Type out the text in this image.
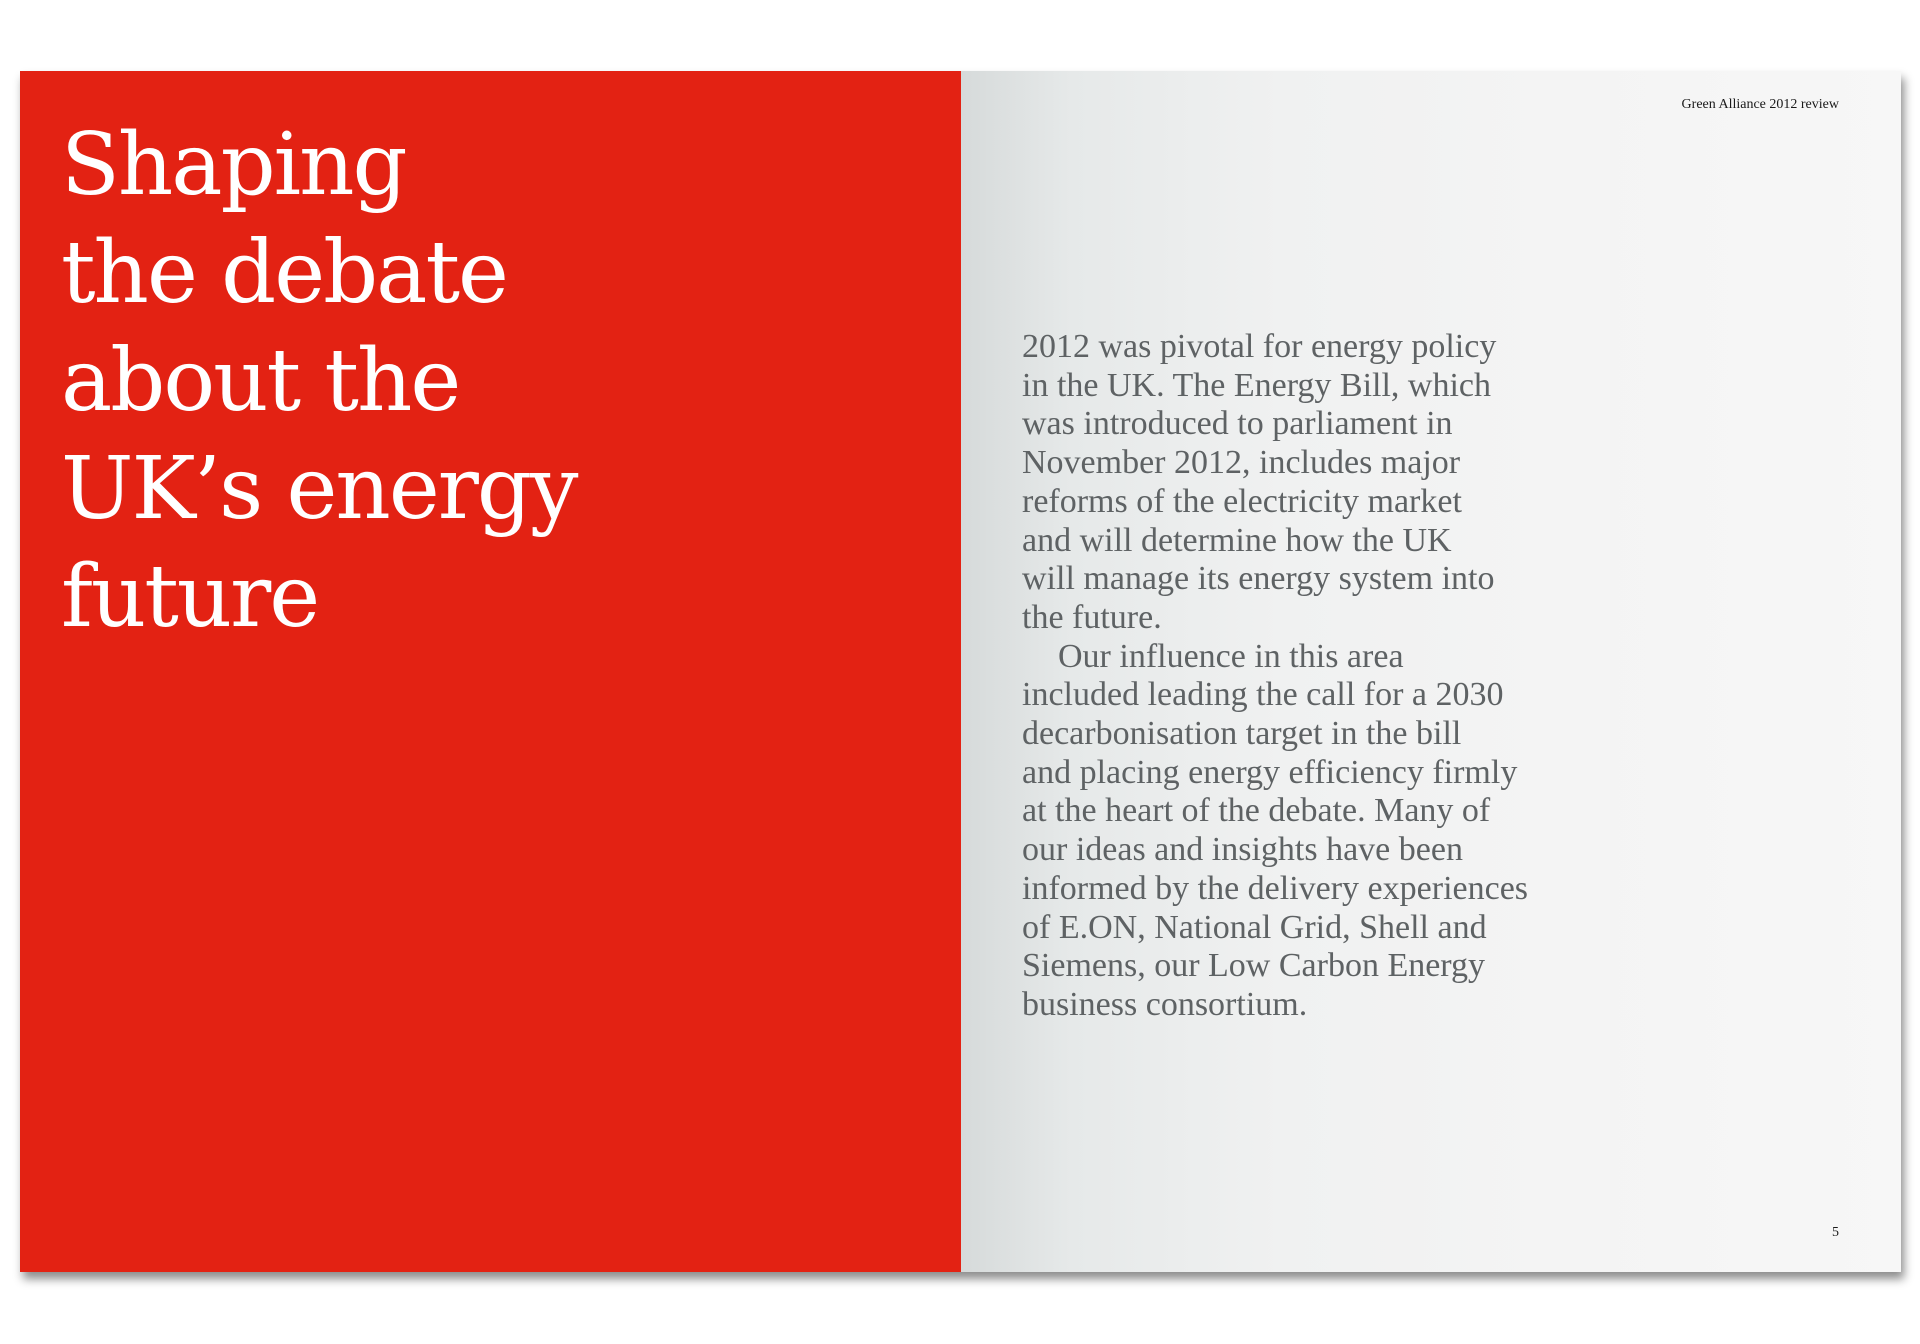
Shaping
the debate
about the
UK’s energy
future
Green Alliance 2012 review

2012 was pivotal for energy policy
in the UK. The Energy Bill, which
was introduced to parliament in
November 2012, includes major
reforms of the electricity market
and will determine how the UK
will manage its energy system into
the future.

Our influence in this area
included leading the call for a 2030
decarbonisation target in the bill
and placing energy efficiency firmly
at the heart of the debate. Many of
our ideas and insights have been
informed by the delivery experiences
of E.ON, National Grid, Shell and
Siemens, our Low Carbon Energy
business consortium.

5
